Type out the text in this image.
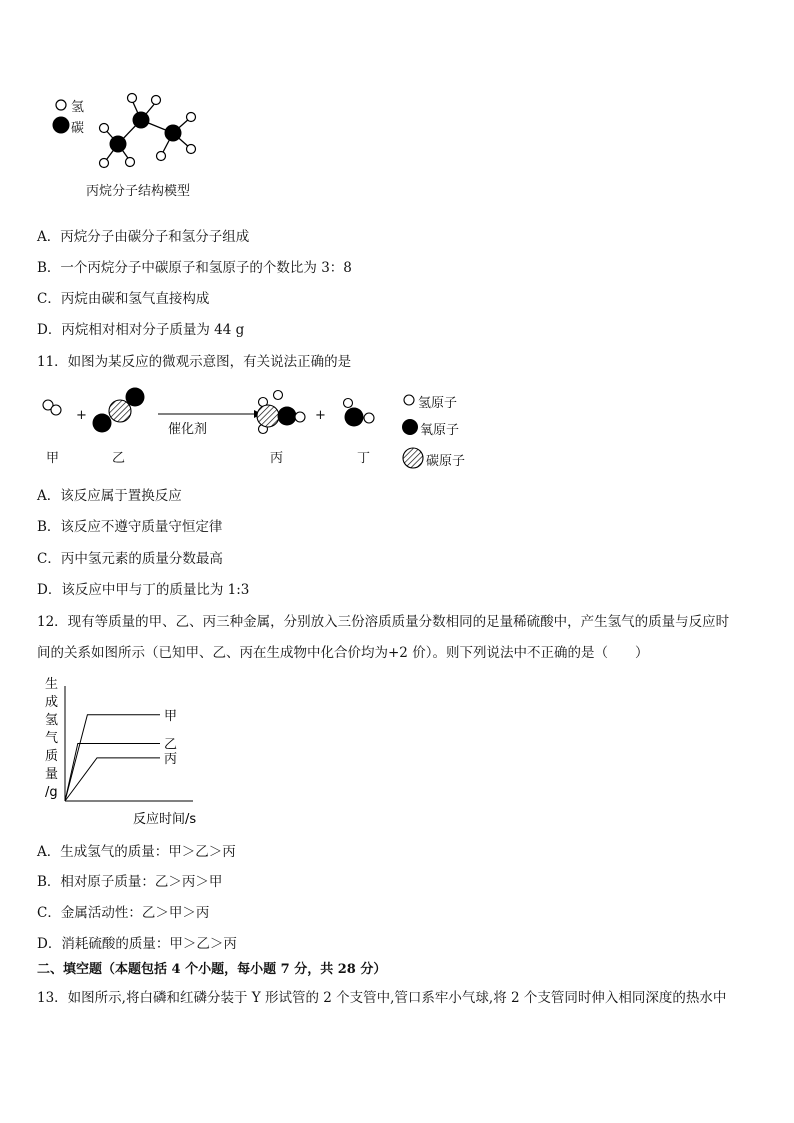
氢
碳
丙烷分子结构模型
A．丙烷分子由碳分子和氢分子组成
B．一个丙烷分子中碳原子和氢原子的个数比为 3：8
C．丙烷由碳和氢气直接构成
D．丙烷相对相对分子质量为 44 g
11．如图为某反应的微观示意图，有关说法正确的是
+
催化剂
+
甲	乙	丙	丁
氢原子
氧原子
碳原子
A．该反应属于置换反应
B．该反应不遵守质量守恒定律
C．丙中氢元素的质量分数最高
D．该反应中甲与丁的质量比为 1:3
12．现有等质量的甲、乙、丙三种金属，分别放入三份溶质质量分数相同的足量稀硫酸中，产生氢气的质量与反应时
间的关系如图所示（已知甲、乙、丙在生成物中化合价均为+2 价）。则下列说法中不正确的是（　　）
生
成
氢
气
质
量
/g
甲
乙
丙
反应时间/s
A．生成氢气的质量：甲＞乙＞丙
B．相对原子质量：乙＞丙＞甲
C．金属活动性：乙＞甲＞丙
D．消耗硫酸的质量：甲＞乙＞丙
二、填空题（本题包括 4 个小题，每小题 7 分，共 28 分）
13．如图所示,将白磷和红磷分装于 Y 形试管的 2 个支管中,管口系牢小气球,将 2 个支管同时伸入相同深度的热水中
